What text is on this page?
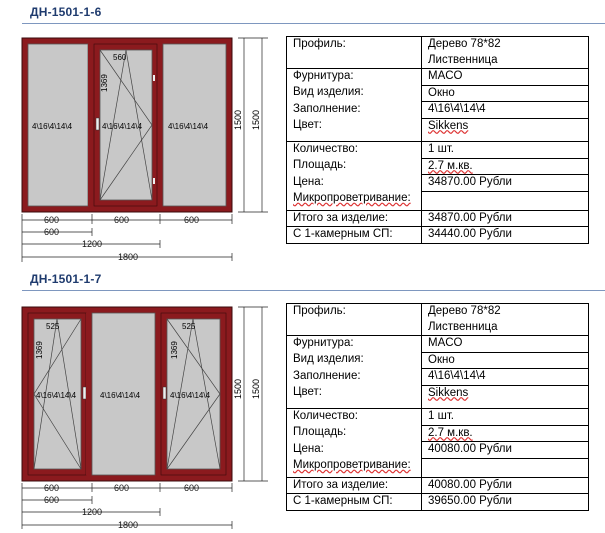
ДН-1501-1-6
560
1369
4\16\4\14\4	4\16\4\14\4	4\16\4\14\4	1500 1500
600	600	600
600
1200
1800
Профиль:	Дерево 78*82
Лиственница
Фурнитура:	MACO
Вид изделия:	Окно
Заполнение:	4\16\4\14\4
Цвет:	Sikkens
Количество:	1 шт.
Площадь:	2.7 м.кв.
Цена:	34870.00 Рубли
Микропроветривание:	
Итого за изделие:	34870.00 Рубли
С 1-камерным СП:	34440.00 Рубли
ДН-1501-1-7
525	525
1369	1369
4\16\4\14\4	4\16\4\14\4	4\16\4\14\4	1500 1500
600	600	600
600
1200
1800
Профиль:	Дерево 78*82
Лиственница
Фурнитура:	MACO
Вид изделия:	Окно
Заполнение:	4\16\4\14\4
Цвет:	Sikkens
Количество:	1 шт.
Площадь:	2.7 м.кв.
Цена:	40080.00 Рубли
Микропроветривание:	
Итого за изделие:	40080.00 Рубли
С 1-камерным СП:	39650.00 Рубли
